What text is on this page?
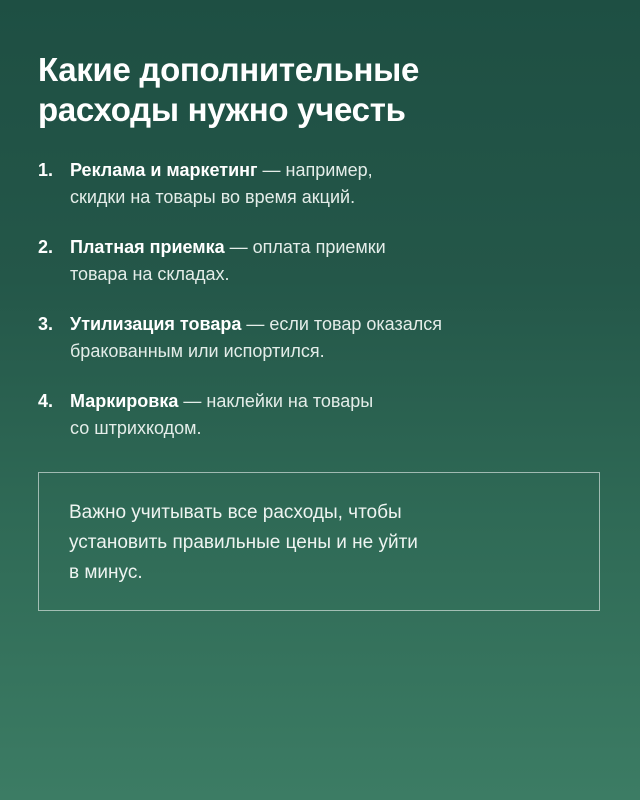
Какие дополнительные
расходы нужно учесть
1. Реклама и маркетинг — например,
скидки на товары во время акций.
2. Платная приемка — оплата приемки
товара на складах.
3. Утилизация товара — если товар оказался
бракованным или испортился.
4. Маркировка — наклейки на товары
со штрихкодом.
Важно учитывать все расходы, чтобы
установить правильные цены и не уйти
в минус.
